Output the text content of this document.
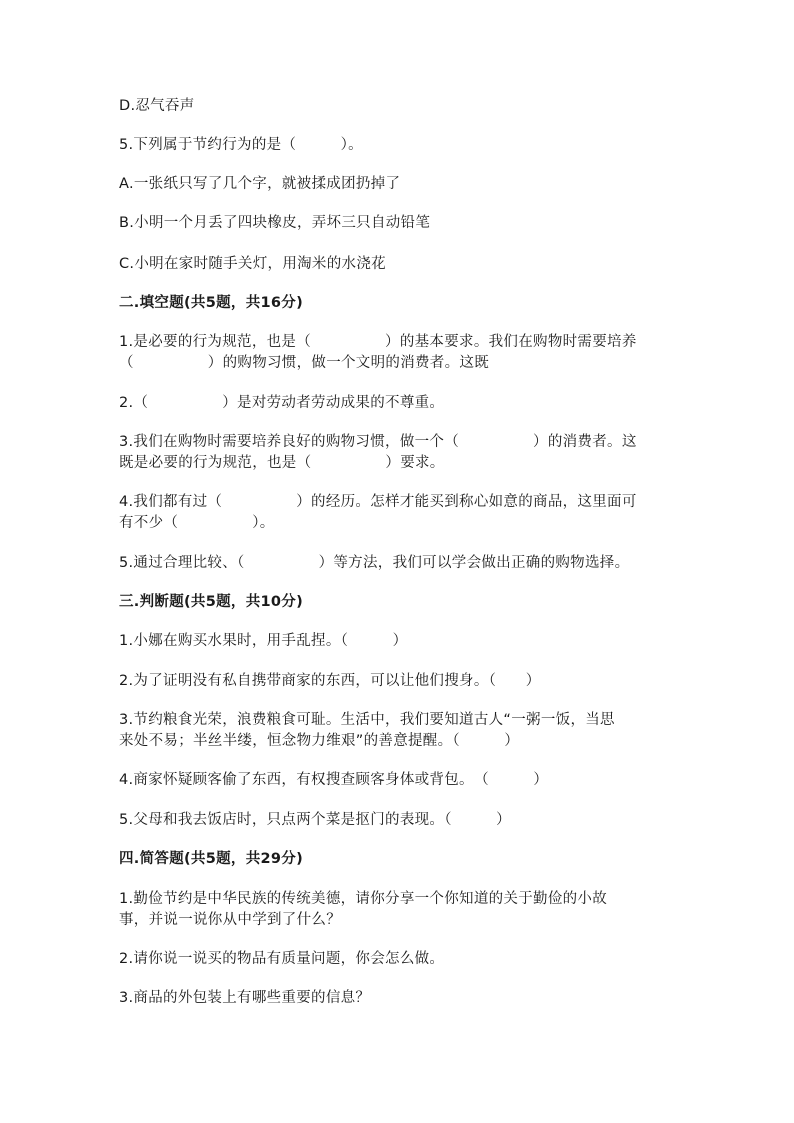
D.忍气吞声
5.下列属于节约行为的是（　　　）。
A.一张纸只写了几个字，就被揉成团扔掉了
B.小明一个月丢了四块橡皮，弄坏三只自动铅笔
C.小明在家时随手关灯，用淘米的水浇花
二.填空题(共5题，共16分)
1.是必要的行为规范，也是（　　　　　）的基本要求。我们在购物时需要培养
（　　　　　）的购物习惯，做一个文明的消费者。这既
2.（　　　　　）是对劳动者劳动成果的不尊重。
3.我们在购物时需要培养良好的购物习惯，做一个（　　　　　）的消费者。这
既是必要的行为规范，也是（　　　　　）要求。
4.我们都有过（　　　　　）的经历。怎样才能买到称心如意的商品，这里面可
有不少（　　　　　）。
5.通过合理比较、（　　　　　）等方法，我们可以学会做出正确的购物选择。
三.判断题(共5题，共10分)
1.小娜在购买水果时，用手乱捏。（　　　）
2.为了证明没有私自携带商家的东西，可以让他们搜身。（　　）
3.节约粮食光荣，浪费粮食可耻。生活中，我们要知道古人“一粥一饭，当思
来处不易；半丝半缕，恒念物力维艰”的善意提醒。（　　　）
4.商家怀疑顾客偷了东西，有权搜查顾客身体或背包。　（　　　）
5.父母和我去饭店时，只点两个菜是抠门的表现。（　　　）
四.简答题(共5题，共29分)
1.勤俭节约是中华民族的传统美德，请你分享一个你知道的关于勤俭的小故
事，并说一说你从中学到了什么？
2.请你说一说买的物品有质量问题，你会怎么做。
3.商品的外包装上有哪些重要的信息？
